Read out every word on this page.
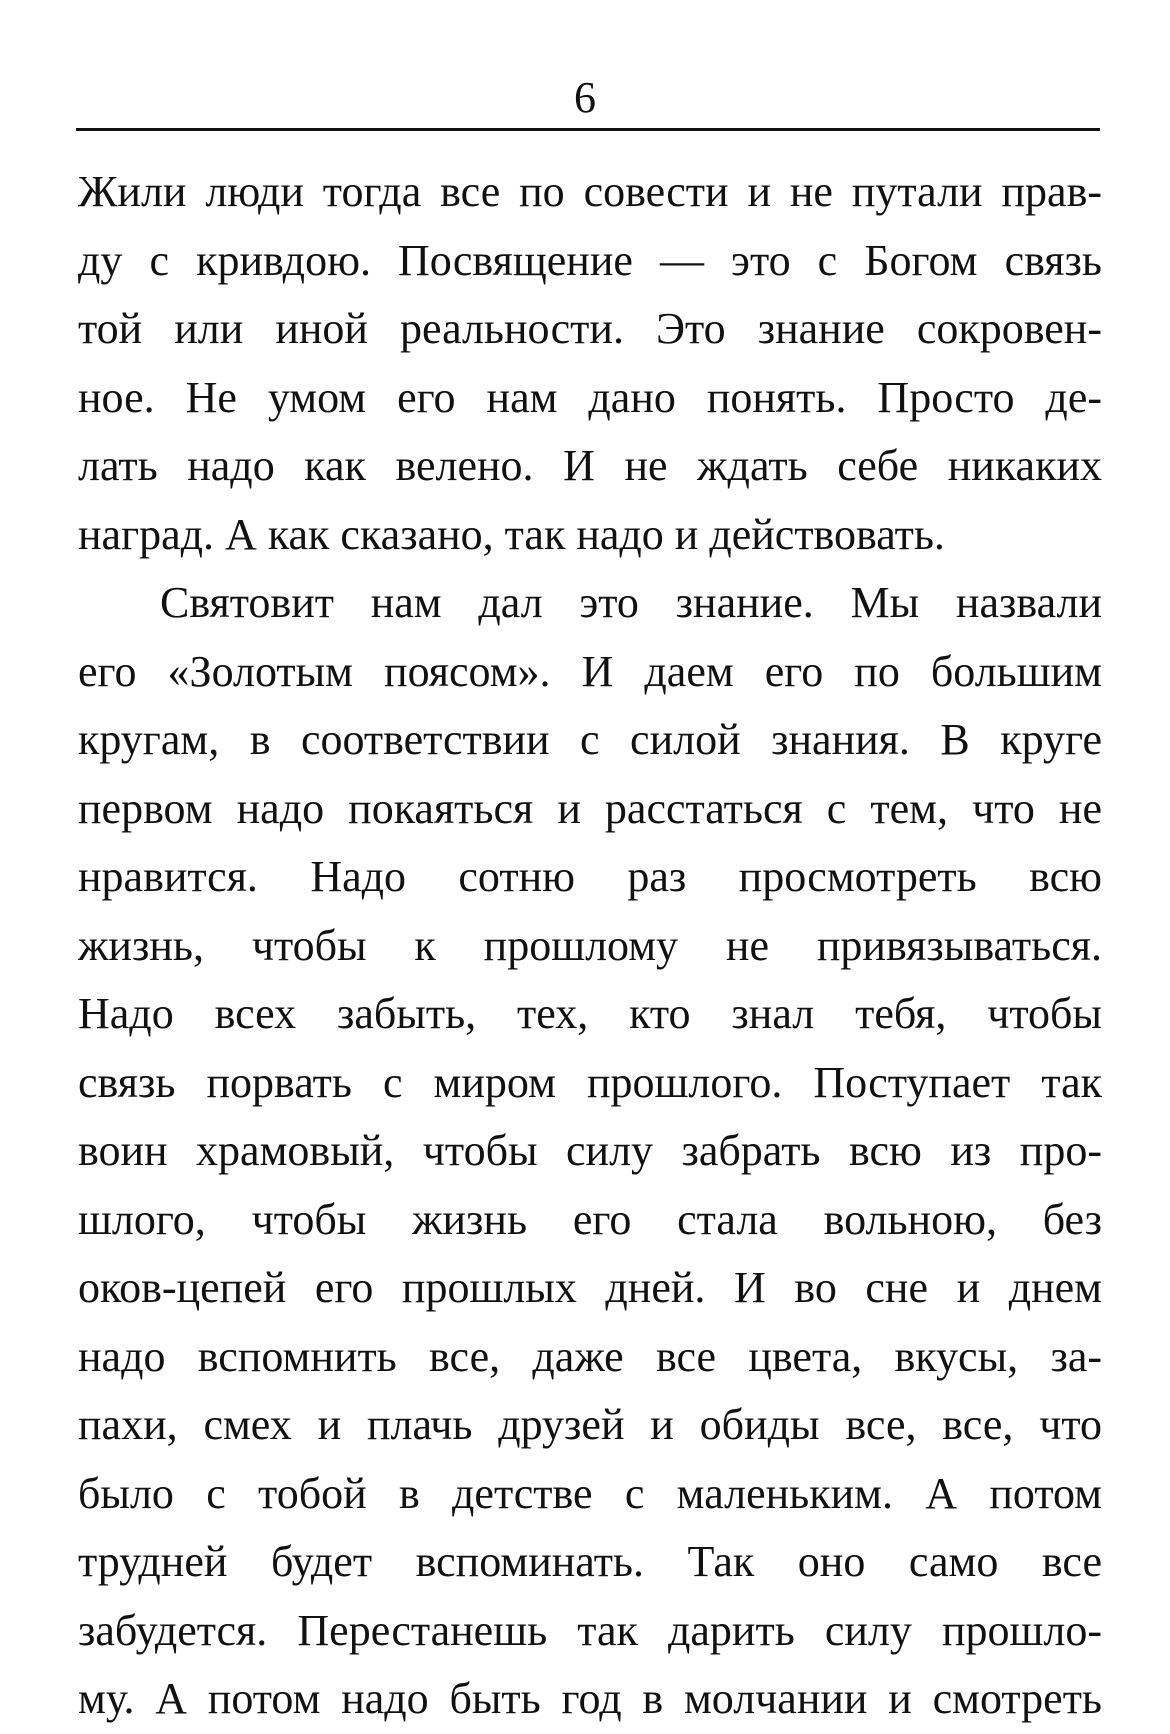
6
Жили люди тогда все по совести и не путали прав-
ду с кривдою. Посвящение — это с Богом связь
той или иной реальности. Это знание сокровен-
ное. Не умом его нам дано понять. Просто де-
лать надо как велено. И не ждать себе никаких
наград. А как сказано, так надо и действовать.
Святовит нам дал это знание. Мы назвали
его «Золотым поясом». И даем его по большим
кругам, в соответствии с силой знания. В круге
первом надо покаяться и расстаться с тем, что не
нравится. Надо сотню раз просмотреть всю
жизнь, чтобы к прошлому не привязываться.
Надо всех забыть, тех, кто знал тебя, чтобы
связь порвать с миром прошлого. Поступает так
воин храмовый, чтобы силу забрать всю из про-
шлого, чтобы жизнь его стала вольною, без
оков-цепей его прошлых дней. И во сне и днем
надо вспомнить все, даже все цвета, вкусы, за-
пахи, смех и плачь друзей и обиды все, все, что
было с тобой в детстве с маленьким. А потом
трудней будет вспоминать. Так оно само все
забудется. Перестанешь так дарить силу прошло-
му. А потом надо быть год в молчании и смотреть
